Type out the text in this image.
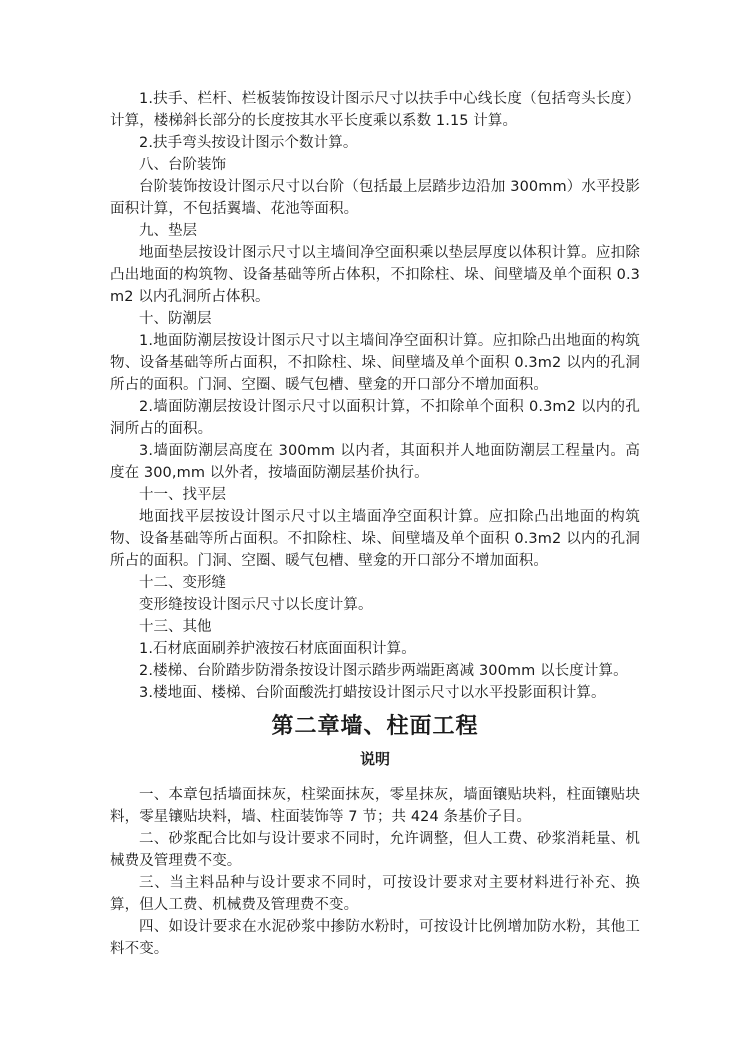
1.扶手、栏杆、栏板装饰按设计图示尺寸以扶手中心线长度（包括弯头长度）计算，楼梯斜长部分的长度按其水平长度乘以系数 1.15 计算。

2.扶手弯头按设计图示个数计算。

八、台阶装饰

台阶装饰按设计图示尺寸以台阶（包括最上层踏步边沿加 300mm）水平投影面积计算，不包括翼墙、花池等面积。

九、垫层

地面垫层按设计图示尺寸以主墙间净空面积乘以垫层厚度以体积计算。应扣除凸出地面的构筑物、设备基础等所占体积，不扣除柱、垛、间壁墙及单个面积 0.3m2 以内孔洞所占体积。

十、防潮层

1.地面防潮层按设计图示尺寸以主墙间净空面积计算。应扣除凸出地面的构筑物、设备基础等所占面积，不扣除柱、垛、间壁墙及单个面积 0.3m2 以内的孔洞所占的面积。门洞、空圈、暖气包槽、壁龛的开口部分不增加面积。

2.墙面防潮层按设计图示尺寸以面积计算，不扣除单个面积 0.3m2 以内的孔洞所占的面积。

3.墙面防潮层高度在 300mm 以内者，其面积并人地面防潮层工程量内。高度在 300,mm 以外者，按墙面防潮层基价执行。

十一、找平层

地面找平层按设计图示尺寸以主墙面净空面积计算。应扣除凸出地面的构筑物、设备基础等所占面积。不扣除柱、垛、间壁墙及单个面积 0.3m2 以内的孔洞所占的面积。门洞、空圈、暖气包槽、壁龛的开口部分不增加面积。

十二、变形缝

变形缝按设计图示尺寸以长度计算。

十三、其他

1.石材底面刷养护液按石材底面面积计算。

2.楼梯、台阶踏步防滑条按设计图示踏步两端距离减 300mm 以长度计算。

3.楼地面、楼梯、台阶面酸洗打蜡按设计图示尺寸以水平投影面积计算。

第二章墙、柱面工程
说明

一、本章包括墙面抹灰，柱梁面抹灰，零星抹灰，墙面镶贴块料，柱面镶贴块料，零星镶贴块料，墙、柱面装饰等 7 节；共 424 条基价子目。

二、砂浆配合比如与设计要求不同时，允许调整，但人工费、砂浆消耗量、机械费及管理费不变。

三、当主料品种与设计要求不同时，可按设计要求对主要材料进行补充、换算，但人工费、机械费及管理费不变。

四、如设计要求在水泥砂浆中掺防水粉时，可按设计比例增加防水粉，其他工料不变。
